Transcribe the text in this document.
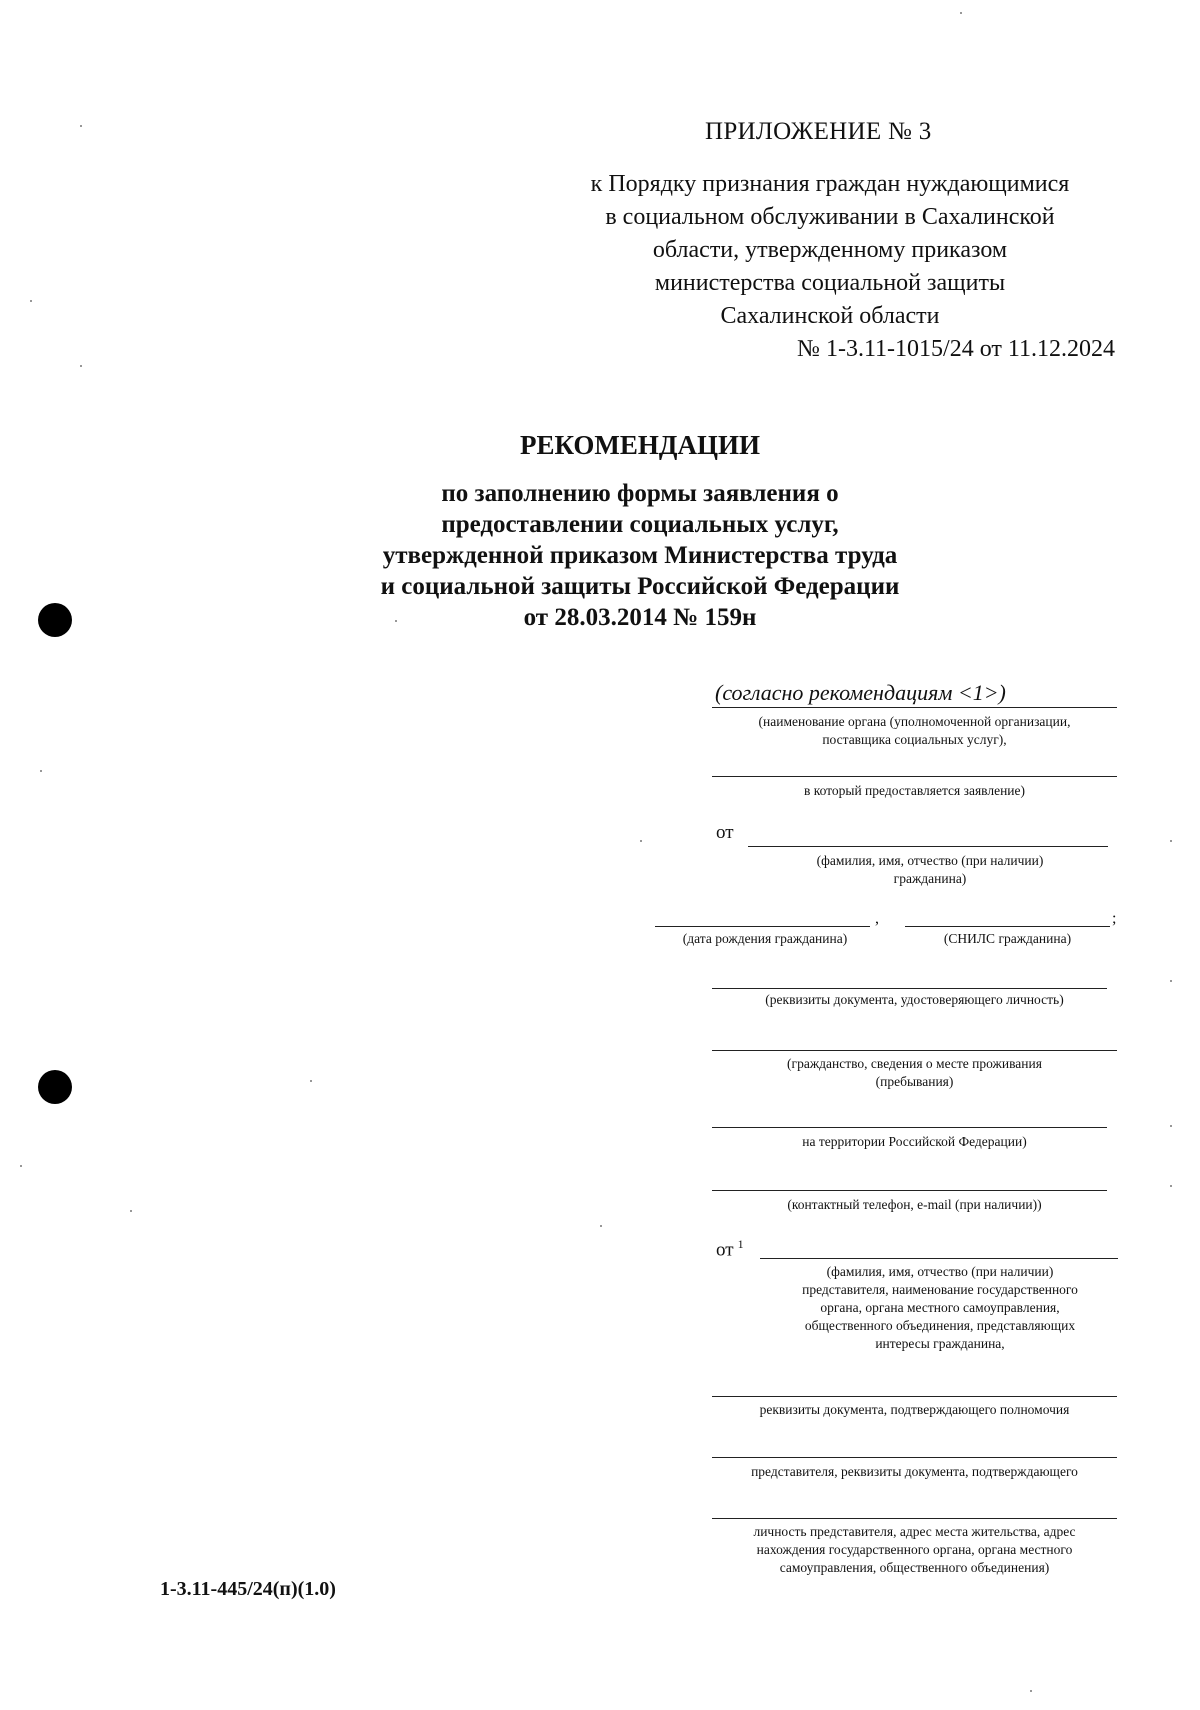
ПРИЛОЖЕНИЕ № 3
к Порядку признания граждан нуждающимися
в социальном обслуживании в Сахалинской
области, утвержденному приказом
министерства социальной защиты
Сахалинской области
№ 1-3.11-1015/24 от 11.12.2024
РЕКОМЕНДАЦИИ
по заполнению формы заявления о
предоставлении социальных услуг,
утвержденной приказом Министерства труда
и социальной защиты Российской Федерации
от 28.03.2014 № 159н
(согласно рекомендациям <1>)
(наименование органа (уполномоченной организации,
поставщика социальных услуг),
в который предоставляется заявление)
от
(фамилия, имя, отчество (при наличии)
гражданина)
,	;
(дата рождения гражданина)	(СНИЛС гражданина)
(реквизиты документа, удостоверяющего личность)
(гражданство, сведения о месте проживания
(пребывания)
на территории Российской Федерации)
(контактный телефон, e-mail (при наличии))
от $^1$
(фамилия, имя, отчество (при наличии)
представителя, наименование государственного
органа, органа местного самоуправления,
общественного объединения, представляющих
интересы гражданина,
реквизиты документа, подтверждающего полномочия
представителя, реквизиты документа, подтверждающего
личность представителя, адрес места жительства, адрес
нахождения государственного органа, органа местного
самоуправления, общественного объединения)
1-3.11-445/24(п)(1.0)
